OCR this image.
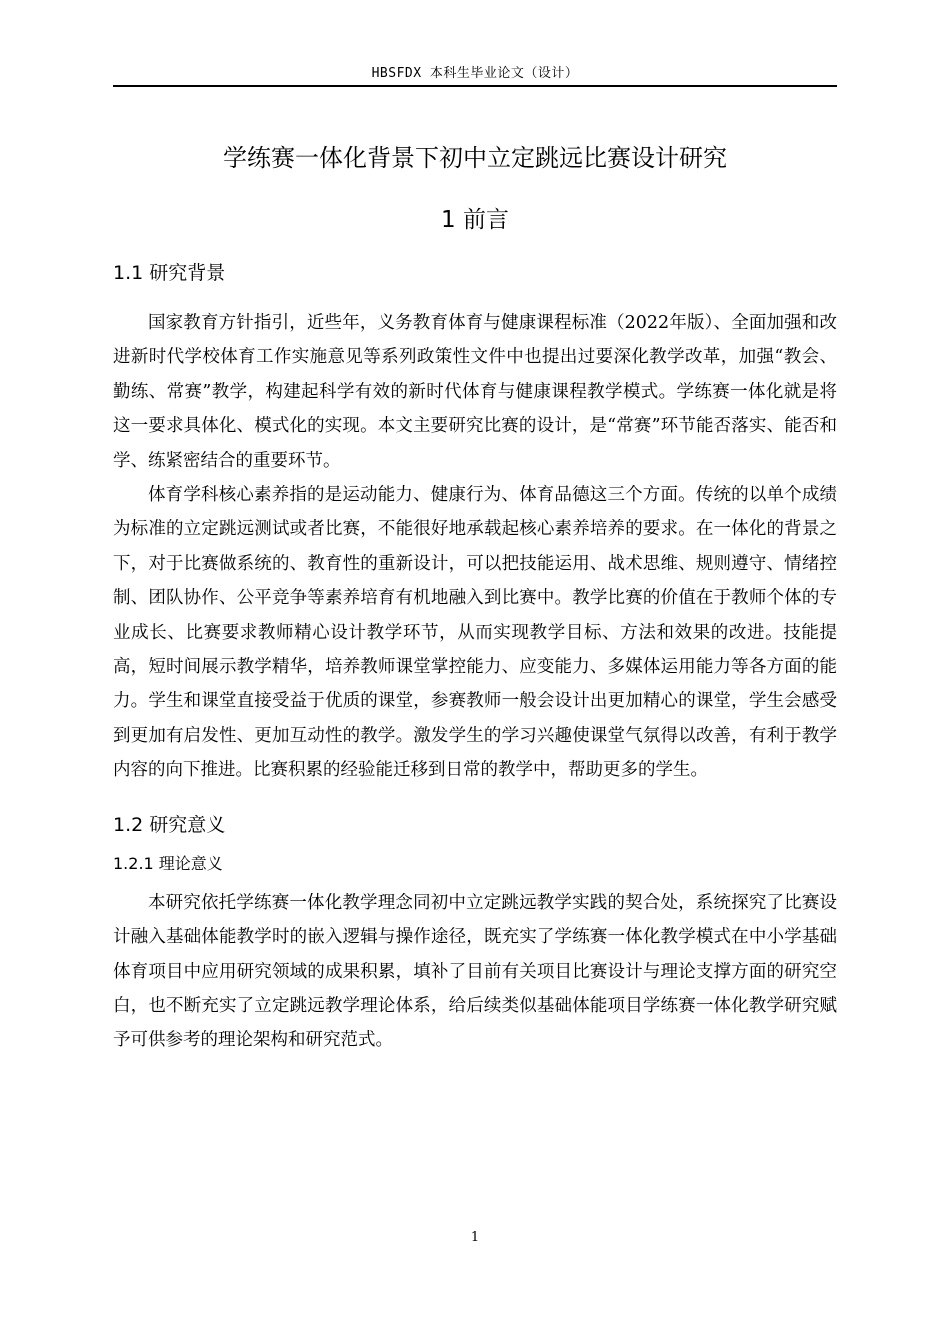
HBSFDX 本科生毕业论文（设计）
学练赛一体化背景下初中立定跳远比赛设计研究
1 前言
1.1 研究背景

国家教育方针指引，近些年，义务教育体育与健康课程标准（2022年版）、全面加强和改进新时代学校体育工作实施意见等系列政策性文件中也提出过要深化教学改革，加强“教会、勤练、常赛”教学，构建起科学有效的新时代体育与健康课程教学模式。学练赛一体化就是将这一要求具体化、模式化的实现。本文主要研究比赛的设计，是“常赛”环节能否落实、能否和学、练紧密结合的重要环节。

体育学科核心素养指的是运动能力、健康行为、体育品德这三个方面。传统的以单个成绩为标准的立定跳远测试或者比赛，不能很好地承载起核心素养培养的要求。在一体化的背景之下，对于比赛做系统的、教育性的重新设计，可以把技能运用、战术思维、规则遵守、情绪控制、团队协作、公平竞争等素养培育有机地融入到比赛中。教学比赛的价值在于教师个体的专业成长、比赛要求教师精心设计教学环节，从而实现教学目标、方法和效果的改进。技能提高，短时间展示教学精华，培养教师课堂掌控能力、应变能力、多媒体运用能力等各方面的能力。学生和课堂直接受益于优质的课堂，参赛教师一般会设计出更加精心的课堂，学生会感受到更加有启发性、更加互动性的教学。激发学生的学习兴趣使课堂气氛得以改善，有利于教学内容的向下推进。比赛积累的经验能迁移到日常的教学中，帮助更多的学生。

1.2 研究意义
1.2.1 理论意义

本研究依托学练赛一体化教学理念同初中立定跳远教学实践的契合处，系统探究了比赛设计融入基础体能教学时的嵌入逻辑与操作途径，既充实了学练赛一体化教学模式在中小学基础体育项目中应用研究领域的成果积累，填补了目前有关项目比赛设计与理论支撑方面的研究空白，也不断充实了立定跳远教学理论体系，给后续类似基础体能项目学练赛一体化教学研究赋予可供参考的理论架构和研究范式。

1
